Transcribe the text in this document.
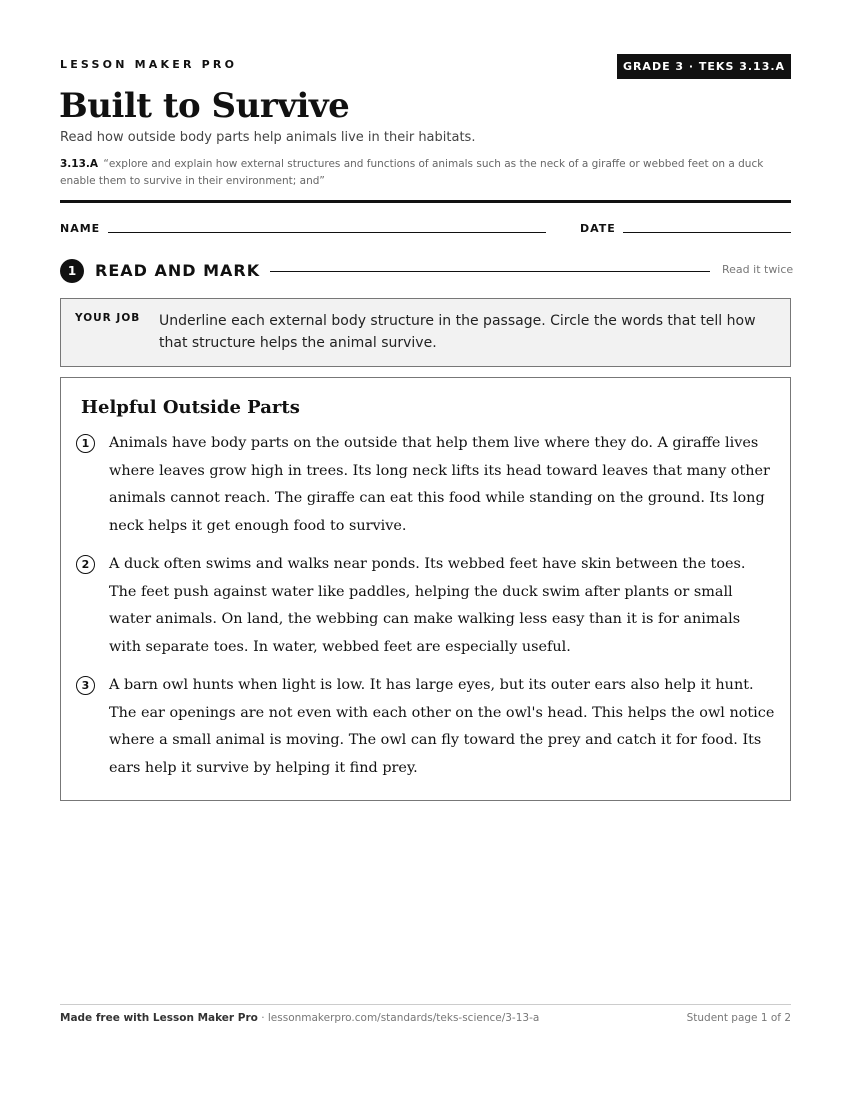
LESSON MAKER PRO	GRADE 3 · TEKS 3.13.A
Built to Survive
Read how outside body parts help animals live in their habitats.
3.13.A “explore and explain how external structures and functions of animals such as the neck of a giraffe or webbed feet on a duck enable them to survive in their environment; and”
NAME	DATE
1	READ AND MARK	Read it twice
YOUR JOB Underline each external body structure in the passage. Circle the words that tell how that structure helps the animal survive.
Helpful Outside Parts
1	Animals have body parts on the outside that help them live where they do. A giraffe lives where leaves grow high in trees. Its long neck lifts its head toward leaves that many other animals cannot reach. The giraffe can eat this food while standing on the ground. Its long neck helps it get enough food to survive.
2	A duck often swims and walks near ponds. Its webbed feet have skin between the toes. The feet push against water like paddles, helping the duck swim after plants or small water animals. On land, the webbing can make walking less easy than it is for animals with separate toes. In water, webbed feet are especially useful.
3	A barn owl hunts when light is low. It has large eyes, but its outer ears also help it hunt. The ear openings are not even with each other on the owl's head. This helps the owl notice where a small animal is moving. The owl can fly toward the prey and catch it for food. Its ears help it survive by helping it find prey.
Made free with Lesson Maker Pro · lessonmakerpro.com/standards/teks-science/3-13-a	Student page 1 of 2
